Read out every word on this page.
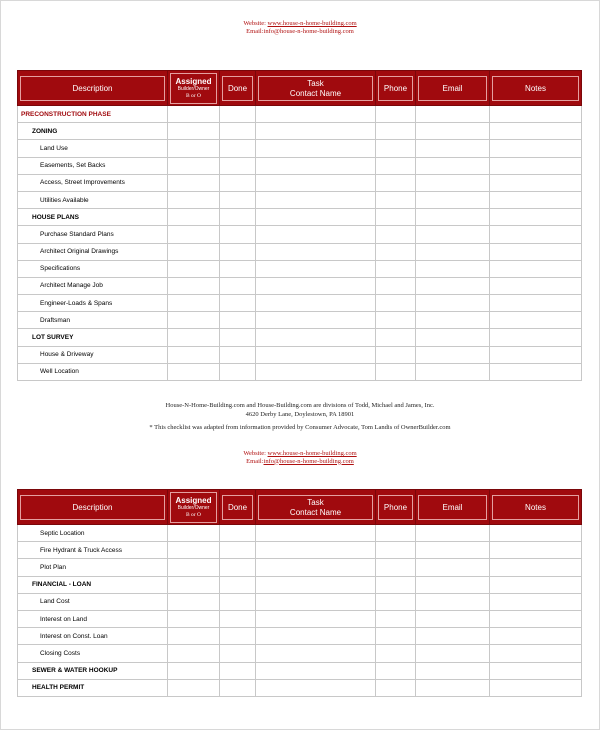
Website: www.house-n-home-building.com
Email:info@house-n-home-building.com
Description	Assigned
Builder/Owner
B or O	Done	Task
Contact Name	Phone	Email	Notes

PRECONSTRUCTION PHASE						
ZONING						
Land Use						
Easements, Set Backs						
Access, Street Improvements						
Utilities Available						
HOUSE PLANS						
Purchase Standard Plans						
Architect Original Drawings						
Specifications						
Architect Manage Job						
Engineer-Loads & Spans						
Draftsman						
LOT SURVEY						
House & Driveway						
Well Location						
House-N-Home-Building.com and House-Building.com are divisions of Todd, Michael and James, Inc.
4620 Derby Lane, Doylestown, PA 18901
* This checklist was adapted from information provided by Consumer Advocate, Tom Landis of OwnerBuilder.com
Website: www.house-n-home-building.com
Email:info@house-n-home-building.com
Description	Assigned
Builder/Owner
B or O	Done	Task
Contact Name	Phone	Email	Notes

Septic Location						
Fire Hydrant & Truck Access						
Plot Plan						
FINANCIAL - LOAN						
Land Cost						
Interest on Land						
Interest on Const. Loan						
Closing Costs						
SEWER & WATER HOOKUP						
HEALTH PERMIT						
